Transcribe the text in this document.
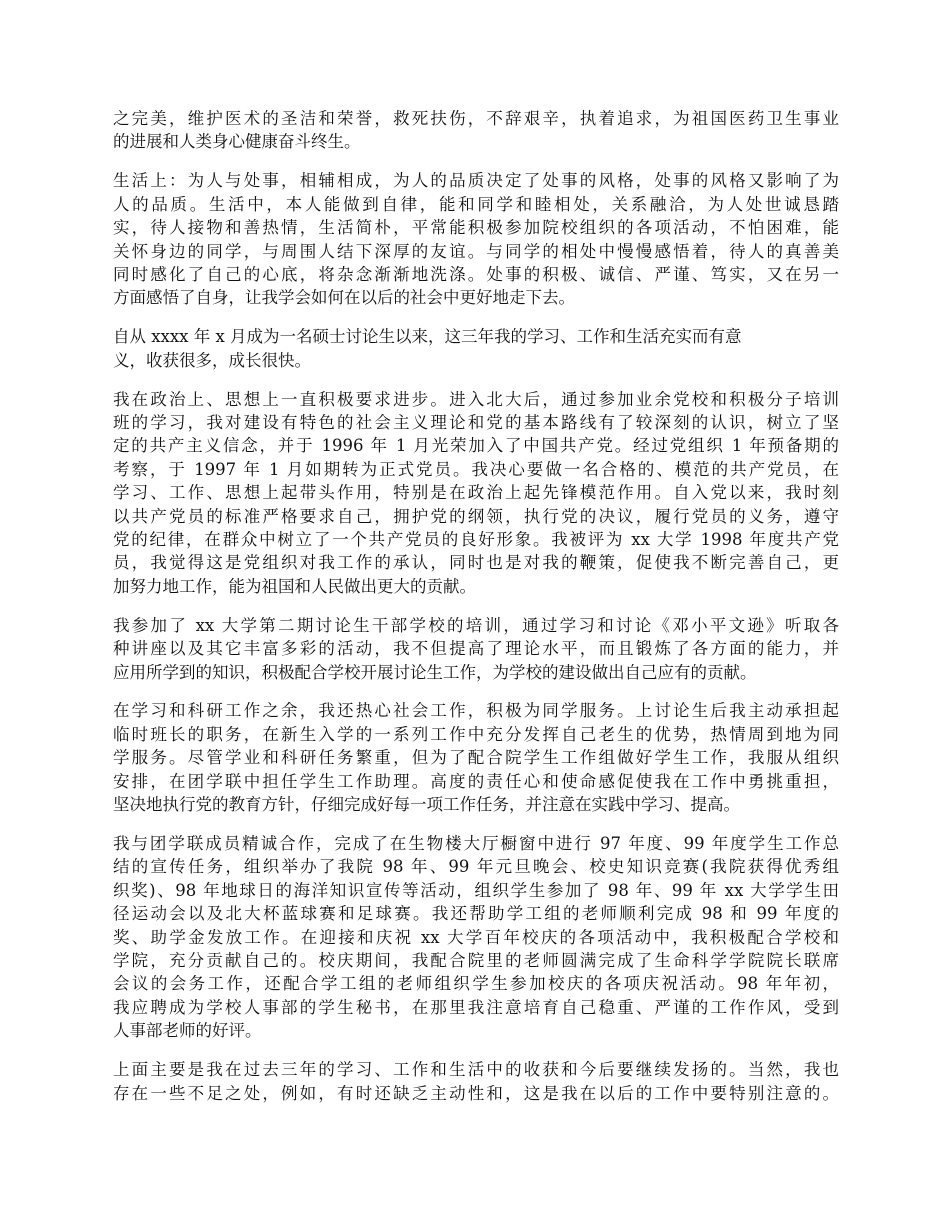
之完美，维护医术的圣洁和荣誉，救死扶伤，不辞艰辛，执着追求，为祖国医药卫生事业
的进展和人类身心健康奋斗终生。
生活上：为人与处事，相辅相成，为人的品质决定了处事的风格，处事的风格又影响了为
人的品质。生活中，本人能做到自律，能和同学和睦相处，关系融洽，为人处世诚恳踏
实，待人接物和善热情，生活简朴，平常能积极参加院校组织的各项活动，不怕困难，能
关怀身边的同学，与周围人结下深厚的友谊。与同学的相处中慢慢感悟着，待人的真善美
同时感化了自己的心底，将杂念渐渐地洗涤。处事的积极、诚信、严谨、笃实，又在另一
方面感悟了自身，让我学会如何在以后的社会中更好地走下去。
自从 xxxx 年 x 月成为一名硕士讨论生以来，这三年我的学习、工作和生活充实而有意
义，收获很多，成长很快。
我在政治上、思想上一直积极要求进步。进入北大后，通过参加业余党校和积极分子培训
班的学习，我对建设有特色的社会主义理论和党的基本路线有了较深刻的认识，树立了坚
定的共产主义信念，并于 1996 年 1 月光荣加入了中国共产党。经过党组织 1 年预备期的
考察，于 1997 年 1 月如期转为正式党员。我决心要做一名合格的、模范的共产党员，在
学习、工作、思想上起带头作用，特别是在政治上起先锋模范作用。自入党以来，我时刻
以共产党员的标准严格要求自己，拥护党的纲领，执行党的决议，履行党员的义务，遵守
党的纪律，在群众中树立了一个共产党员的良好形象。我被评为 xx 大学 1998 年度共产党
员，我觉得这是党组织对我工作的承认，同时也是对我的鞭策，促使我不断完善自己，更
加努力地工作，能为祖国和人民做出更大的贡献。
我参加了 xx 大学第二期讨论生干部学校的培训，通过学习和讨论《邓小平文逊》听取各
种讲座以及其它丰富多彩的活动，我不但提高了理论水平，而且锻炼了各方面的能力，并
应用所学到的知识，积极配合学校开展讨论生工作，为学校的建设做出自己应有的贡献。
在学习和科研工作之余，我还热心社会工作，积极为同学服务。上讨论生后我主动承担起
临时班长的职务，在新生入学的一系列工作中充分发挥自己老生的优势，热情周到地为同
学服务。尽管学业和科研任务繁重，但为了配合院学生工作组做好学生工作，我服从组织
安排，在团学联中担任学生工作助理。高度的责任心和使命感促使我在工作中勇挑重担，
坚决地执行党的教育方针，仔细完成好每一项工作任务，并注意在实践中学习、提高。
我与团学联成员精诚合作，完成了在生物楼大厅橱窗中进行 97 年度、99 年度学生工作总
结的宣传任务，组织举办了我院 98 年、99 年元旦晚会、校史知识竞赛(我院获得优秀组
织奖)、98 年地球日的海洋知识宣传等活动，组织学生参加了 98 年、99 年 xx 大学学生田
径运动会以及北大杯蓝球赛和足球赛。我还帮助学工组的老师顺利完成 98 和 99 年度的
奖、助学金发放工作。在迎接和庆祝 xx 大学百年校庆的各项活动中，我积极配合学校和
学院，充分贡献自己的。校庆期间，我配合院里的老师圆满完成了生命科学学院院长联席
会议的会务工作，还配合学工组的老师组织学生参加校庆的各项庆祝活动。98 年年初，
我应聘成为学校人事部的学生秘书，在那里我注意培育自己稳重、严谨的工作作风，受到
人事部老师的好评。
上面主要是我在过去三年的学习、工作和生活中的收获和今后要继续发扬的。当然，我也
存在一些不足之处，例如，有时还缺乏主动性和，这是我在以后的工作中要特别注意的。
